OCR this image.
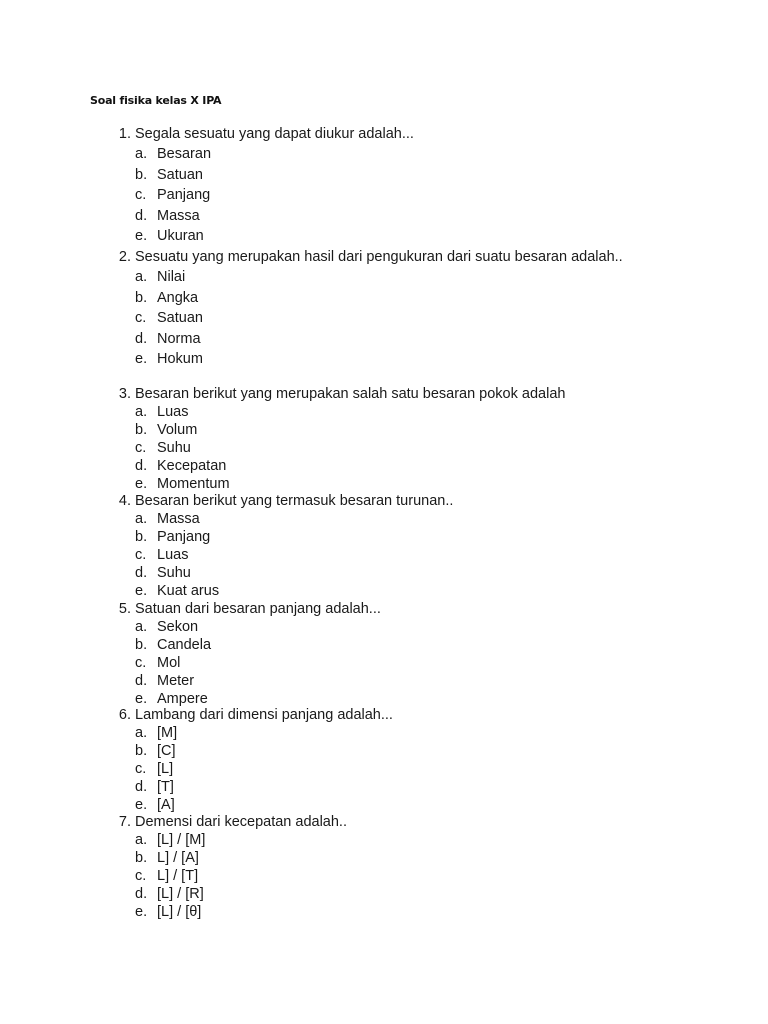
Soal fisika kelas X IPA
1. Segala sesuatu yang dapat diukur adalah...
a. Besaran
b. Satuan
c. Panjang
d. Massa
e. Ukuran
2. Sesuatu yang merupakan hasil dari pengukuran dari suatu besaran adalah..
a. Nilai
b. Angka
c. Satuan
d. Norma
e. Hokum
3. Besaran berikut yang merupakan salah satu besaran pokok adalah
a. Luas
b. Volum
c. Suhu
d. Kecepatan
e. Momentum
4. Besaran berikut yang termasuk besaran turunan..
a. Massa
b. Panjang
c. Luas
d. Suhu
e. Kuat arus
5. Satuan dari besaran panjang adalah...
a. Sekon
b. Candela
c. Mol
d. Meter
e. Ampere
6. Lambang dari dimensi panjang adalah...
a. [M]
b. [C]
c. [L]
d. [T]
e. [A]
7. Demensi dari kecepatan adalah..
a. [L] / [M]
b. L] / [A]
c. L] / [T]
d. [L] / [R]
e. [L] / [θ]
